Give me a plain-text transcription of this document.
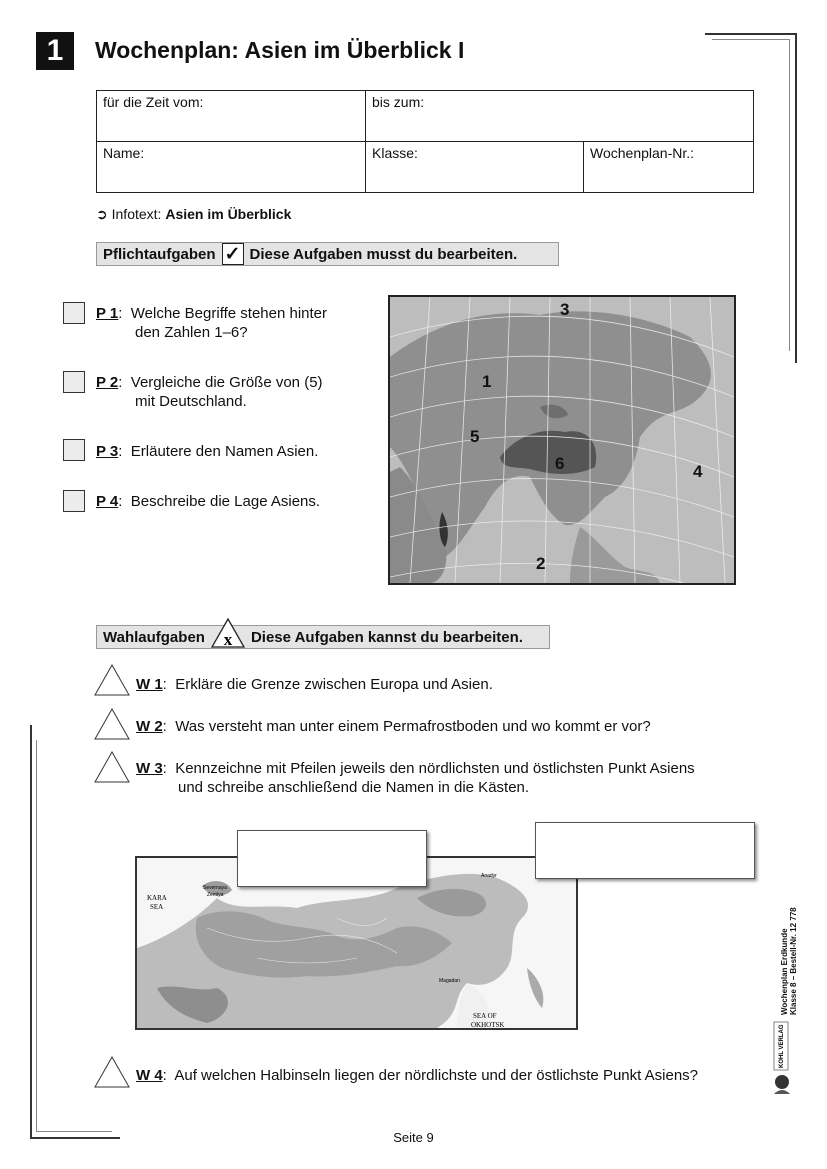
1	Wochenplan: Asien im Überblick I
für die Zeit vom:	bis zum:	
Name:	Klasse:	Wochenplan-Nr.:
➲ Infotext: Asien im Überblick
Pflichtaufgaben ✓ Diese Aufgaben musst du bearbeiten.
P 1:  Welche Begriffe stehen hinter
den Zahlen 1–6?
P 2:  Vergleiche die Größe von (5)
mit Deutschland.
P 3:  Erläutere den Namen Asien.
P 4:  Beschreibe die Lage Asiens.
1
2
3
4
5
6
Wahlaufgaben	x	Diese Aufgaben kannst du bearbeiten.
W 1:  Erkläre die Grenze zwischen Europa und Asien.
W 2:  Was versteht man unter einem Permafrostboden und wo kommt er vor?
W 3:  Kennzeichne mit Pfeilen jeweils den nördlichsten und östlichsten Punkt Asiens
und schreibe anschließend die Namen in die Kästen.
KARA
SEA
Severnaya
Zemlya
Anadyr
Magadan
SEA OF
OKHOTSK
W 4:  Auf welchen Halbinseln liegen der nördlichste und der östlichste Punkt Asiens?
Wochenplan Erdkunde
Klasse 8 – Bestell-Nr. 12 778
KOHL VERLAG
Seite 9
